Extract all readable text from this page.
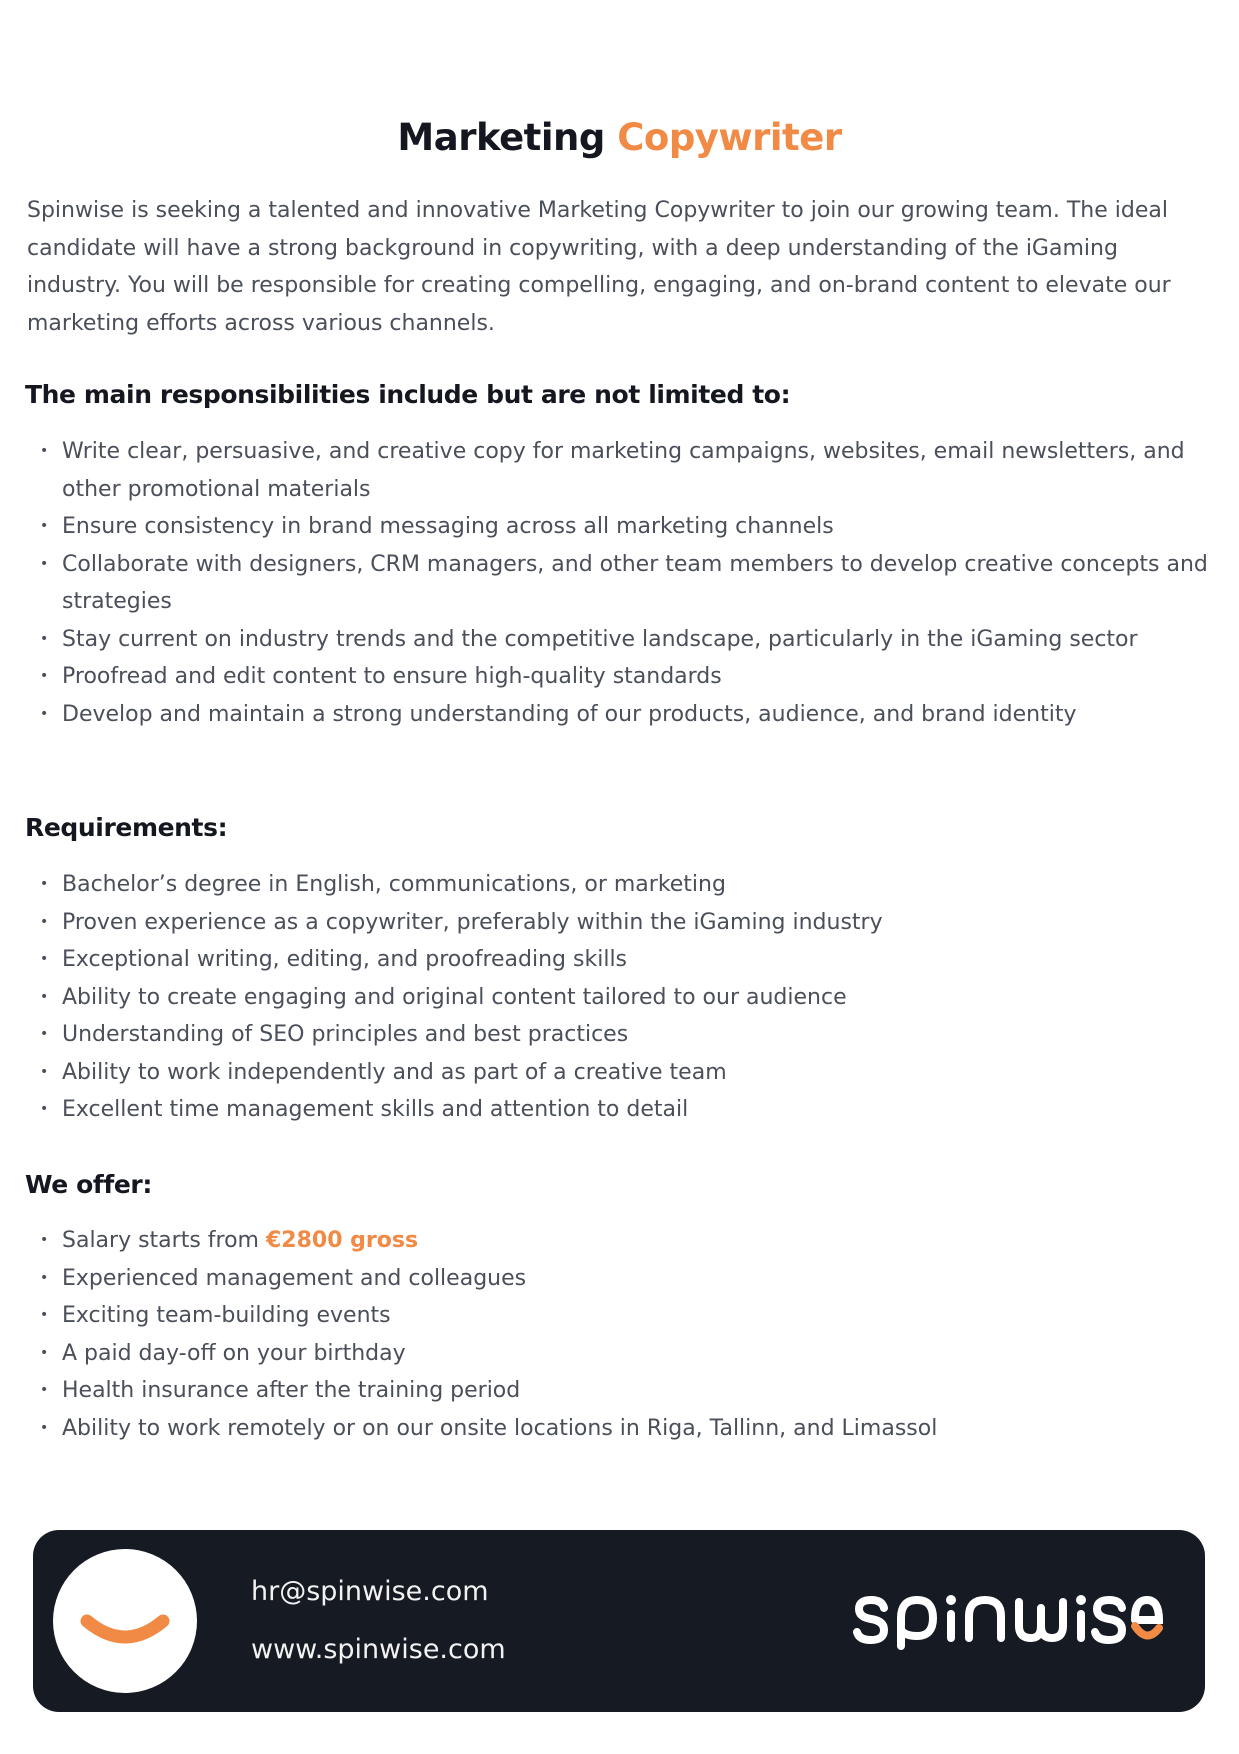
Marketing Copywriter

Spinwise is seeking a talented and innovative Marketing Copywriter to join our growing team. The ideal candidate will have a strong background in copywriting, with a deep understanding of the iGaming industry. You will be responsible for creating compelling, engaging, and on-brand content to elevate our marketing efforts across various channels.

The main responsibilities include but are not limited to:
• Write clear, persuasive, and creative copy for marketing campaigns, websites, email newsletters, and other promotional materials
• Ensure consistency in brand messaging across all marketing channels
• Collaborate with designers, CRM managers, and other team members to develop creative concepts and strategies
• Stay current on industry trends and the competitive landscape, particularly in the iGaming sector
• Proofread and edit content to ensure high-quality standards
• Develop and maintain a strong understanding of our products, audience, and brand identity
Requirements:
• Bachelor’s degree in English, communications, or marketing
• Proven experience as a copywriter, preferably within the iGaming industry
• Exceptional writing, editing, and proofreading skills
• Ability to create engaging and original content tailored to our audience
• Understanding of SEO principles and best practices
• Ability to work independently and as part of a creative team
• Excellent time management skills and attention to detail
We offer:
• Salary starts from €2800 gross
• Experienced management and colleagues
• Exciting team-building events
• A paid day-off on your birthday
• Health insurance after the training period
• Ability to work remotely or on our onsite locations in Riga, Tallinn, and Limassol
hr@spinwise.com
www.spinwise.com
